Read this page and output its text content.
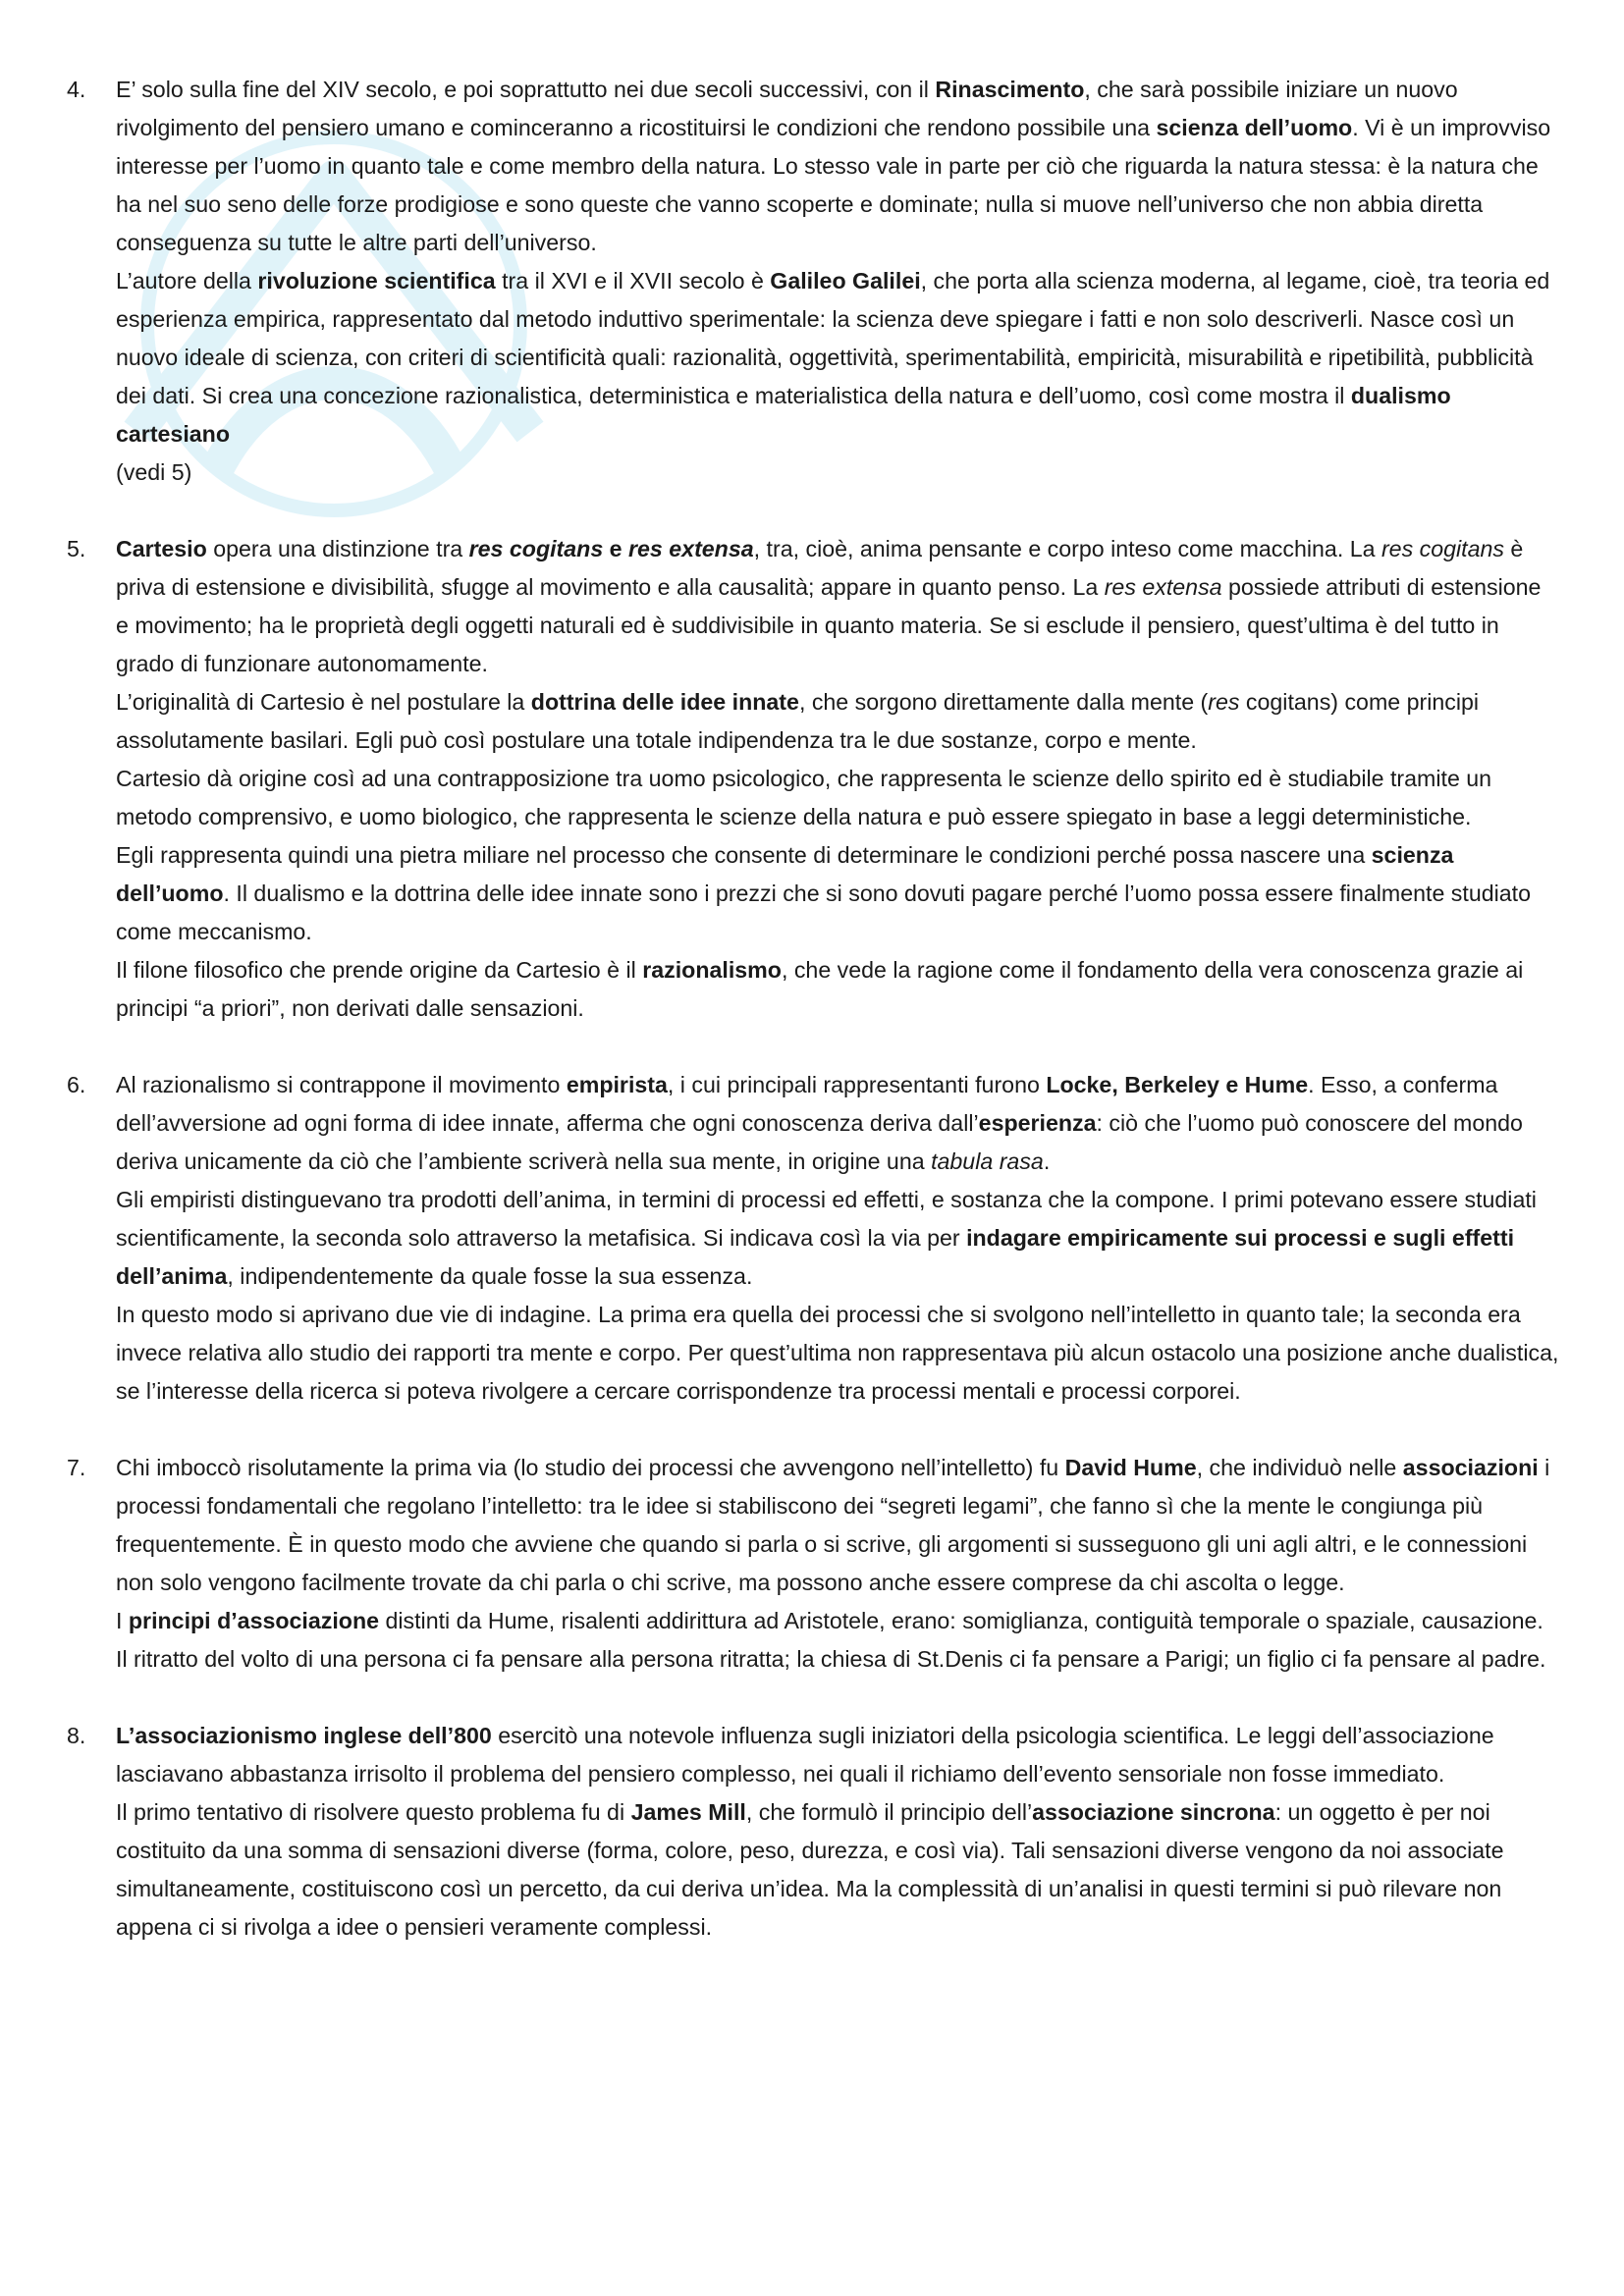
4.	E’ solo sulla fine del XIV secolo, e poi soprattutto nei due secoli successivi, con il Rinascimento, che sarà possibile iniziare un nuovo rivolgimento del pensiero umano e cominceranno a ricostituirsi le condizioni che rendono possibile una scienza dell’uomo. Vi è un improvviso interesse per l’uomo in quanto tale e come membro della natura. Lo stesso vale in parte per ciò che riguarda la natura stessa: è la natura che ha nel suo seno delle forze prodigiose e sono queste che vanno scoperte e dominate; nulla si muove nell’universo che non abbia diretta conseguenza su tutte le altre parti dell’universo.

L’autore della rivoluzione scientifica tra il XVI e il XVII secolo è Galileo Galilei, che porta alla scienza moderna, al legame, cioè, tra teoria ed esperienza empirica, rappresentato dal metodo induttivo sperimentale: la scienza deve spiegare i fatti e non solo descriverli. Nasce così un nuovo ideale di scienza, con criteri di scientificità quali: razionalità, oggettività, sperimentabilità, empiricità, misurabilità e ripetibilità, pubblicità dei dati. Si crea una concezione razionalistica, deterministica e materialistica della natura e dell’uomo, così come mostra il dualismo cartesiano

(vedi 5)

5.	Cartesio opera una distinzione tra res cogitans e res extensa, tra, cioè, anima pensante e corpo inteso come macchina. La res cogitans è priva di estensione e divisibilità, sfugge al movimento e alla causalità; appare in quanto penso. La res extensa possiede attributi di estensione e movimento; ha le proprietà degli oggetti naturali ed è suddivisibile in quanto materia. Se si esclude il pensiero, quest’ultima è del tutto in grado di funzionare autonomamente.

L’originalità di Cartesio è nel postulare la dottrina delle idee innate, che sorgono direttamente dalla mente (res cogitans) come principi assolutamente basilari. Egli può così postulare una totale indipendenza tra le due sostanze, corpo e mente.

Cartesio dà origine così ad una contrapposizione tra uomo psicologico, che rappresenta le scienze dello spirito ed è studiabile tramite un metodo comprensivo, e uomo biologico, che rappresenta le scienze della natura e può essere spiegato in base a leggi deterministiche.

Egli rappresenta quindi una pietra miliare nel processo che consente di determinare le condizioni perché possa nascere una scienza dell’uomo. Il dualismo e la dottrina delle idee innate sono i prezzi che si sono dovuti pagare perché l’uomo possa essere finalmente studiato come meccanismo.

Il filone filosofico che prende origine da Cartesio è il razionalismo, che vede la ragione come il fondamento della vera conoscenza grazie ai principi “a priori”, non derivati dalle sensazioni.

6.	Al razionalismo si contrappone il movimento empirista, i cui principali rappresentanti furono Locke, Berkeley e Hume. Esso, a conferma dell’avversione ad ogni forma di idee innate, afferma che ogni conoscenza deriva dall’esperienza: ciò che l’uomo può conoscere del mondo deriva unicamente da ciò che l’ambiente scriverà nella sua mente, in origine una tabula rasa.

Gli empiristi distinguevano tra prodotti dell’anima, in termini di processi ed effetti, e sostanza che la compone. I primi potevano essere studiati scientificamente, la seconda solo attraverso la metafisica. Si indicava così la via per indagare empiricamente sui processi e sugli effetti dell’anima, indipendentemente da quale fosse la sua essenza.

In questo modo si aprivano due vie di indagine. La prima era quella dei processi che si svolgono nell’intelletto in quanto tale; la seconda era invece relativa allo studio dei rapporti tra mente e corpo. Per quest’ultima non rappresentava più alcun ostacolo una posizione anche dualistica, se l’interesse della ricerca si poteva rivolgere a cercare corrispondenze tra processi mentali e processi corporei.

7.	Chi imboccò risolutamente la prima via (lo studio dei processi che avvengono nell’intelletto) fu David Hume, che individuò nelle associazioni i processi fondamentali che regolano l’intelletto: tra le idee si stabiliscono dei “segreti legami”, che fanno sì che la mente le congiunga più frequentemente. È in questo modo che avviene che quando si parla o si scrive, gli argomenti si susseguono gli uni agli altri, e le connessioni non solo vengono facilmente trovate da chi parla o chi scrive, ma possono anche essere comprese da chi ascolta o legge.

I principi d’associazione distinti da Hume, risalenti addirittura ad Aristotele, erano: somiglianza, contiguità temporale o spaziale, causazione. Il ritratto del volto di una persona ci fa pensare alla persona ritratta; la chiesa di St.Denis ci fa pensare a Parigi; un figlio ci fa pensare al padre.

8.	L’associazionismo inglese dell’800 esercitò una notevole influenza sugli iniziatori della psicologia scientifica. Le leggi dell’associazione lasciavano abbastanza irrisolto il problema del pensiero complesso, nei quali il richiamo dell’evento sensoriale non fosse immediato.

Il primo tentativo di risolvere questo problema fu di James Mill, che formulò il principio dell’associazione sincrona: un oggetto è per noi costituito da una somma di sensazioni diverse (forma, colore, peso, durezza, e così via). Tali sensazioni diverse vengono da noi associate simultaneamente, costituiscono così un percetto, da cui deriva un’idea. Ma la complessità di un’analisi in questi termini si può rilevare non appena ci si rivolga a idee o pensieri veramente complessi.
